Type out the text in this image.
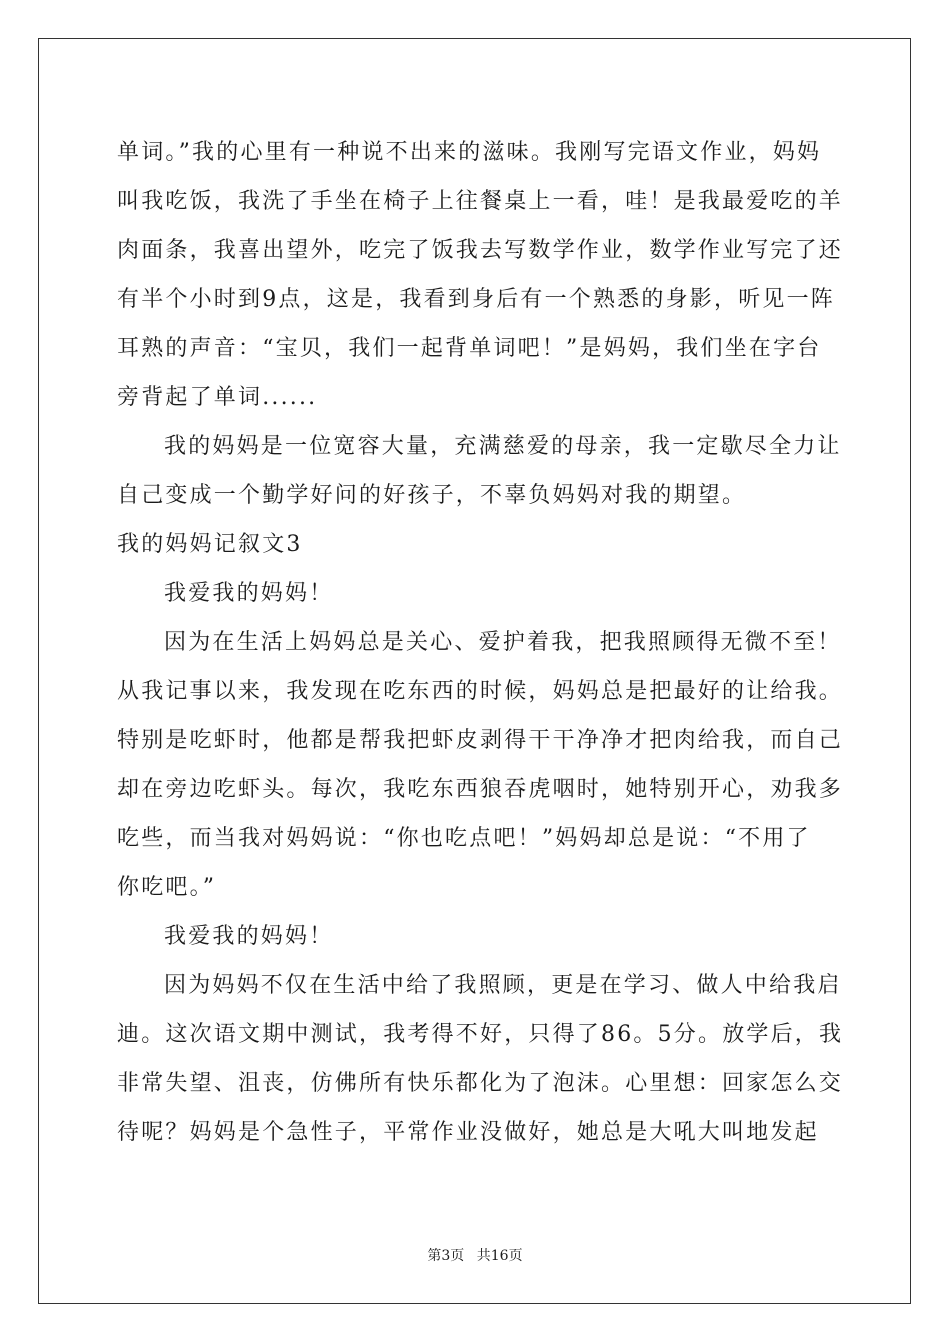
单词。”我的心里有一种说不出来的滋味。我刚写完语文作业，妈妈
叫我吃饭，我洗了手坐在椅子上往餐桌上一看，哇！是我最爱吃的羊
肉面条，我喜出望外，吃完了饭我去写数学作业，数学作业写完了还
有半个小时到9点，这是，我看到身后有一个熟悉的身影，听见一阵
耳熟的声音：“宝贝，我们一起背单词吧！”是妈妈，我们坐在字台
旁背起了单词......
我的妈妈是一位宽容大量，充满慈爱的母亲，我一定歇尽全力让
自己变成一个勤学好问的好孩子，不辜负妈妈对我的期望。
我的妈妈记叙文3
我爱我的妈妈！
因为在生活上妈妈总是关心、爱护着我，把我照顾得无微不至！
从我记事以来，我发现在吃东西的时候，妈妈总是把最好的让给我。
特别是吃虾时，他都是帮我把虾皮剥得干干净净才把肉给我，而自己
却在旁边吃虾头。每次，我吃东西狼吞虎咽时，她特别开心，劝我多
吃些，而当我对妈妈说：“你也吃点吧！”妈妈却总是说：“不用了
你吃吧。”
我爱我的妈妈！
因为妈妈不仅在生活中给了我照顾，更是在学习、做人中给我启
迪。这次语文期中测试，我考得不好，只得了86。5分。放学后，我
非常失望、沮丧，仿佛所有快乐都化为了泡沫。心里想：回家怎么交
待呢？妈妈是个急性子，平常作业没做好，她总是大吼大叫地发起
第3页 共16页
